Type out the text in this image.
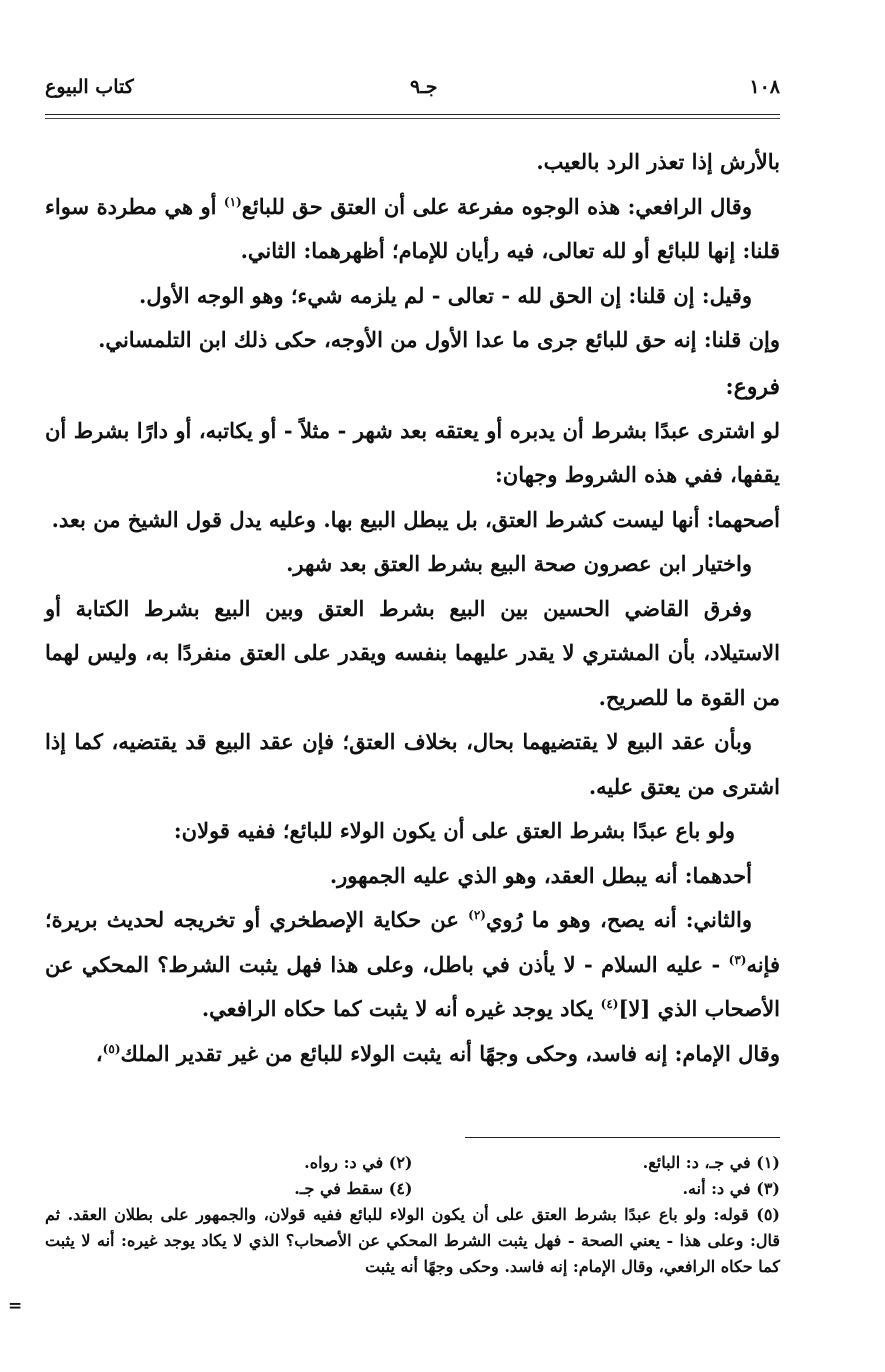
١٠٨
جـ٩
كتاب البيوع

بالأرش إذا تعذر الرد بالعيب.

وقال الرافعي: هذه الوجوه مفرعة على أن العتق حق للبائع$^{(١)}$ أو هي مطردة سواء قلنا: إنها للبائع أو لله تعالى، فيه رأيان للإمام؛ أظهرهما: الثاني.

وقيل: إن قلنا: إن الحق لله - تعالى - لم يلزمه شيء؛ وهو الوجه الأول.

وإن قلنا: إنه حق للبائع جرى ما عدا الأول من الأوجه، حكى ذلك ابن التلمساني.

فروع:

لو اشترى عبدًا بشرط أن يدبره أو يعتقه بعد شهر - مثلاً - أو يكاتبه، أو دارًا بشرط أن يقفها، ففي هذه الشروط وجهان:

أصحهما: أنها ليست كشرط العتق، بل يبطل البيع بها. وعليه يدل قول الشيخ من بعد.

واختيار ابن عصرون صحة البيع بشرط العتق بعد شهر.

وفرق القاضي الحسين بين البيع بشرط العتق وبين البيع بشرط الكتابة أو الاستيلاد، بأن المشتري لا يقدر عليهما بنفسه ويقدر على العتق منفردًا به، وليس لهما من القوة ما للصريح.

وبأن عقد البيع لا يقتضيهما بحال، بخلاف العتق؛ فإن عقد البيع قد يقتضيه، كما إذا اشترى من يعتق عليه.

ولو باع عبدًا بشرط العتق على أن يكون الولاء للبائع؛ ففيه قولان:

أحدهما: أنه يبطل العقد، وهو الذي عليه الجمهور.

والثاني: أنه يصح، وهو ما رُوي$^{(٢)}$ عن حكاية الإصطخري أو تخريجه لحديث بريرة؛ فإنه$^{(٣)}$ - عليه السلام - لا يأذن في باطل، وعلى هذا فهل يثبت الشرط؟ المحكي عن الأصحاب الذي [لا]$^{(٤)}$ يكاد يوجد غيره أنه لا يثبت كما حكاه الرافعي.

وقال الإمام: إنه فاسد، وحكى وجهًا أنه يثبت الولاء للبائع من غير تقدير الملك$^{(٥)}$،

(١) في جـ، د: البائع.
(٢) في د: رواه.
(٣) في د: أنه.
(٤) سقط في جـ.
(٥) قوله: ولو باع عبدًا بشرط العتق على أن يكون الولاء للبائع ففيه قولان، والجمهور على بطلان العقد. ثم قال: وعلى هذا - يعني الصحة - فهل يثبت الشرط المحكي عن الأصحاب؟ الذي لا يكاد يوجد غيره: أنه لا يثبت كما حكاه الرافعي، وقال الإمام: إنه فاسد. وحكى وجهًا أنه يثبت
=
